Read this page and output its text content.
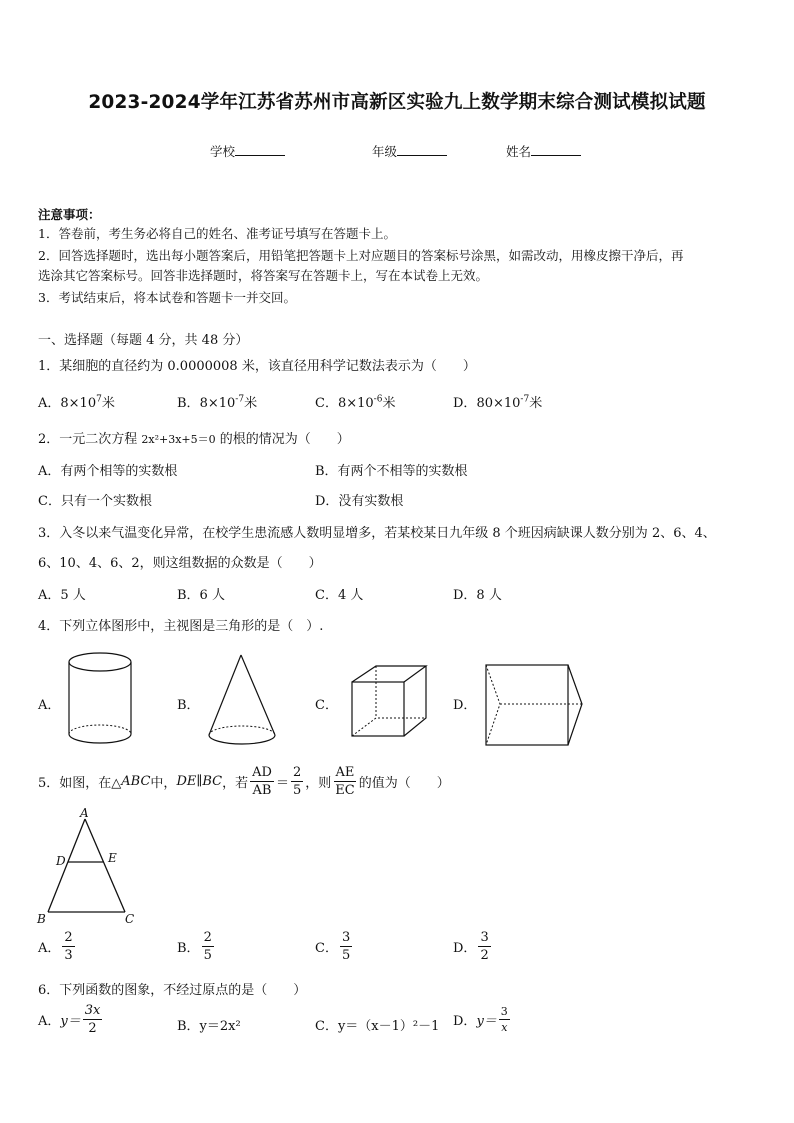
2023-2024学年江苏省苏州市高新区实验九上数学期末综合测试模拟试题
学校	年级	姓名
注意事项：
1．答卷前，考生务必将自己的姓名、准考证号填写在答题卡上。
2．回答选择题时，选出每小题答案后，用铅笔把答题卡上对应题目的答案标号涂黑，如需改动，用橡皮擦干净后，再
选涂其它答案标号。回答非选择题时，将答案写在答题卡上，写在本试卷上无效。
3．考试结束后，将本试卷和答题卡一并交回。
一、选择题（每题 4 分，共 48 分）
1．某细胞的直径约为 0.0000008 米，该直径用科学记数法表示为（　　）
A．$8\times 10^7$米	B．$8\times 10^{-7}$米	C．$8\times 10^{-6}$米	D．$80\times 10^{-7}$米
2．一元二次方程 2x²+3x+5＝0 的根的情况为（　　）
A．有两个相等的实数根	B．有两个不相等的实数根
C．只有一个实数根	D．没有实数根
3．入冬以来气温变化异常，在校学生患流感人数明显增多，若某校某日九年级 8 个班因病缺课人数分别为 2、6、4、
6、10、4、6、2，则这组数据的众数是（　　）
A．5 人	B．6 人	C．4 人	D．8 人
4．下列立体图形中，主视图是三角形的是（　）.
A．	B．	C．	D．
5．如图，在△ ABC 中， DE∥BC ，若 $\frac{AD}{AB} = \frac{2}{5}$ ，则 $\frac{AE}{EC}$ 的值为（　　）
A
D	E
B	C
A． $\frac{2}{3}$	B． $\frac{2}{5}$	C． $\frac{3}{5}$	D． $\frac{3}{2}$
6．下列函数的图象，不经过原点的是（　　）
A． $y= \frac{3x}{2}$	B．y＝2x²	C．y＝（x－1）²－1 D． $y= \frac{3}{x}$
